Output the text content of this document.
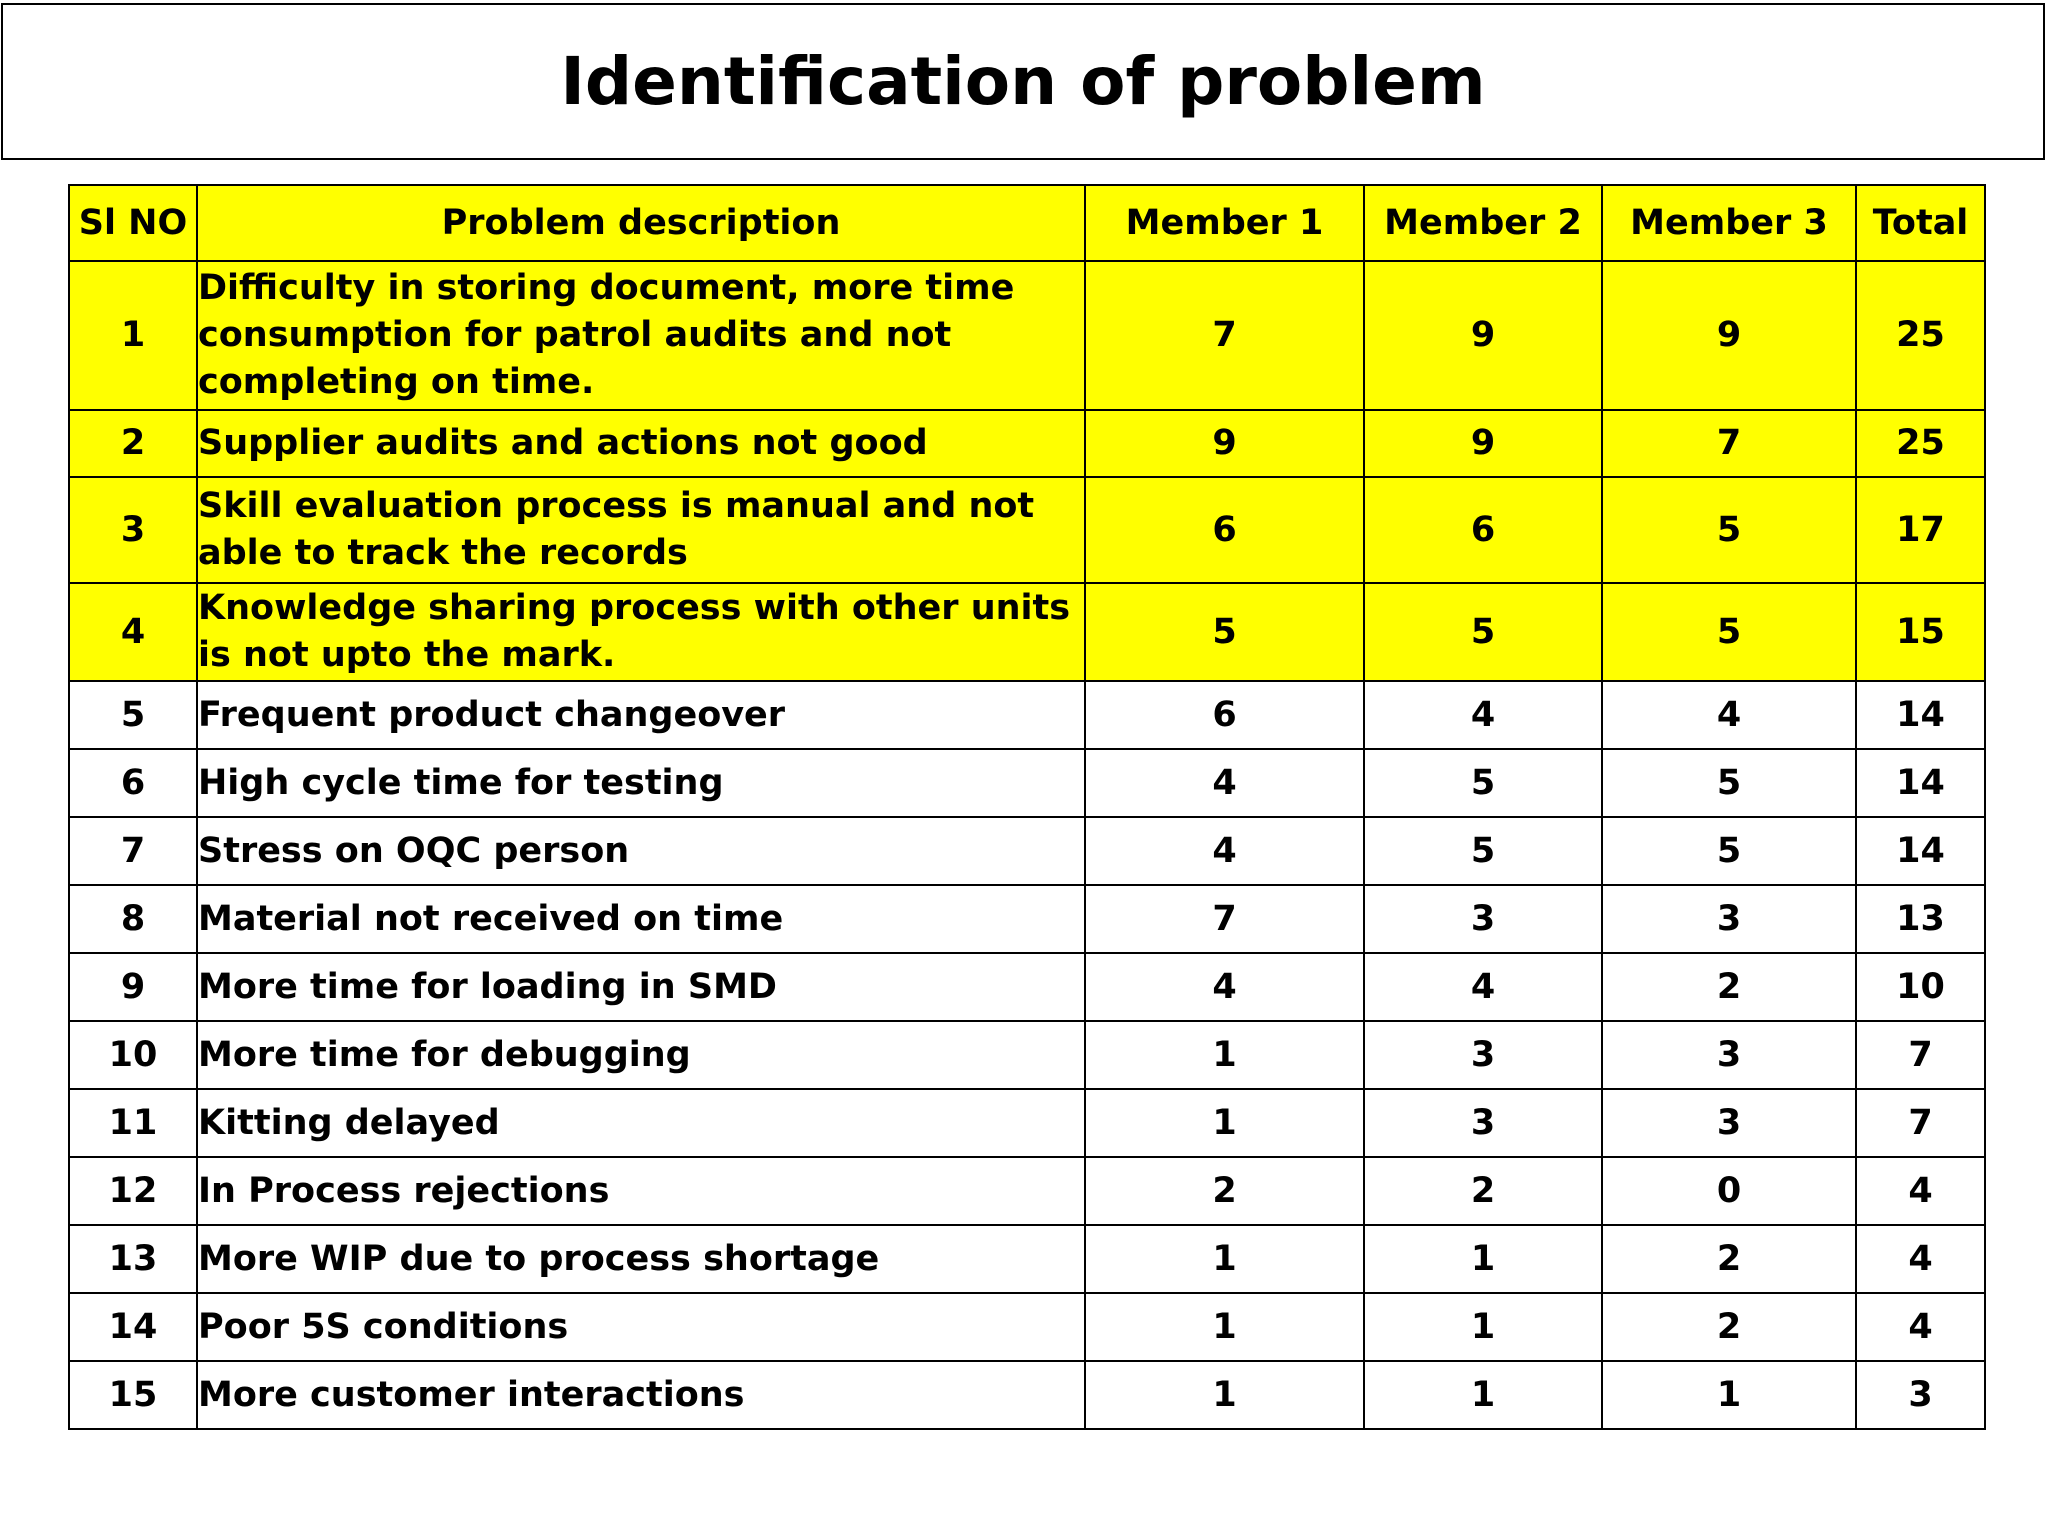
Identification of problem
Sl NO	Problem description	Member 1	Member 2	Member 3	Total
1	Difficulty in storing document, more time consumption for patrol audits and not completing on time.	7	9	9	25
2	Supplier audits and actions not good	9	9	7	25
3	Skill evaluation process is manual and not able to track the records	6	6	5	17
4	Knowledge sharing process with other units is not upto the mark.	5	5	5	15
5	Frequent product changeover	6	4	4	14
6	High cycle time for testing	4	5	5	14
7	Stress on OQC person	4	5	5	14
8	Material not received on time	7	3	3	13
9	More time for loading in SMD	4	4	2	10
10	More time for debugging	1	3	3	7
11	Kitting delayed	1	3	3	7
12	In Process rejections	2	2	0	4
13	More WIP due to process shortage	1	1	2	4
14	Poor 5S conditions	1	1	2	4
15	More customer interactions	1	1	1	3
